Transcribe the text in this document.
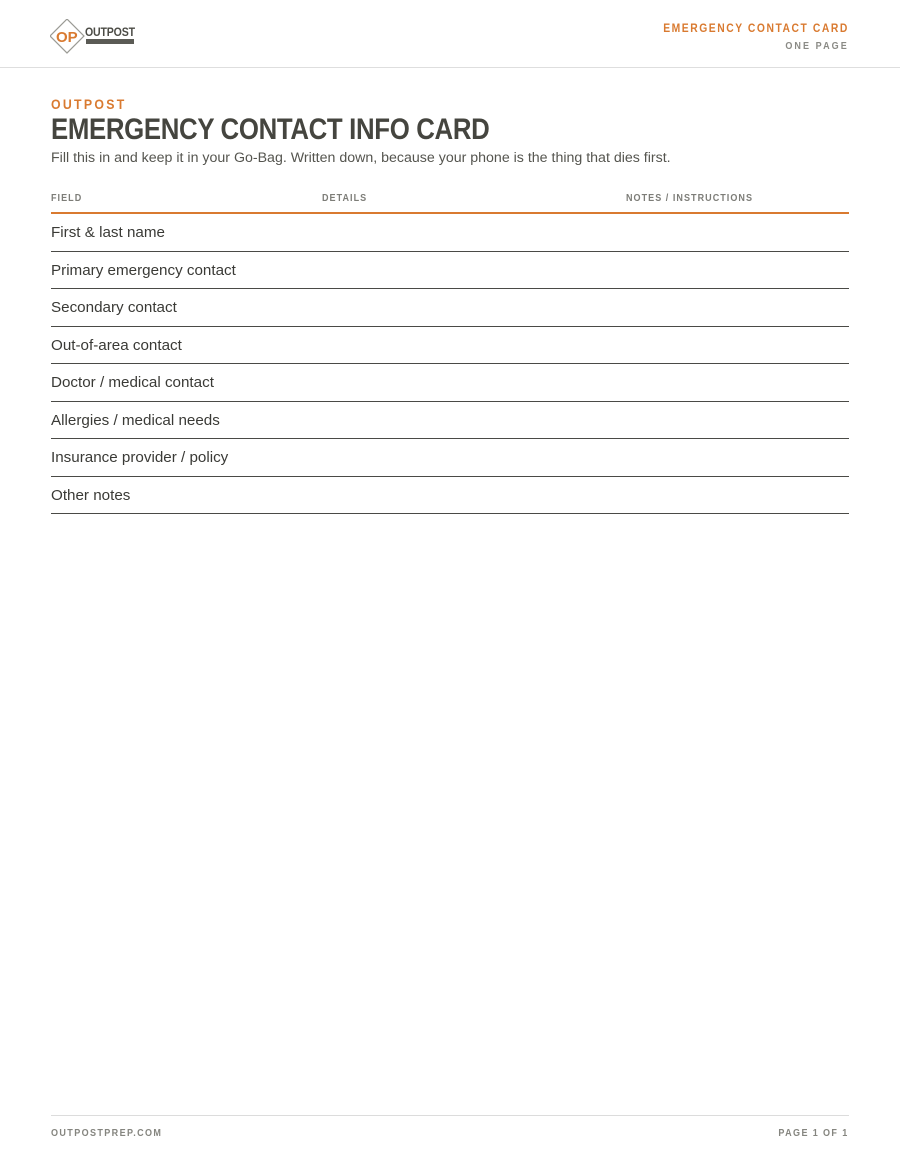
OP OUTPOST	EMERGENCY CONTACT CARD
ONE PAGE
OUTPOST
EMERGENCY CONTACT INFO CARD
Fill this in and keep it in your Go-Bag. Written down, because your phone is the thing that dies first.
FIELD	DETAILS	NOTES / INSTRUCTIONS
First & last name
Primary emergency contact
Secondary contact
Out-of-area contact
Doctor / medical contact
Allergies / medical needs
Insurance provider / policy
Other notes
OUTPOSTPREP.COM	PAGE 1 OF 1
